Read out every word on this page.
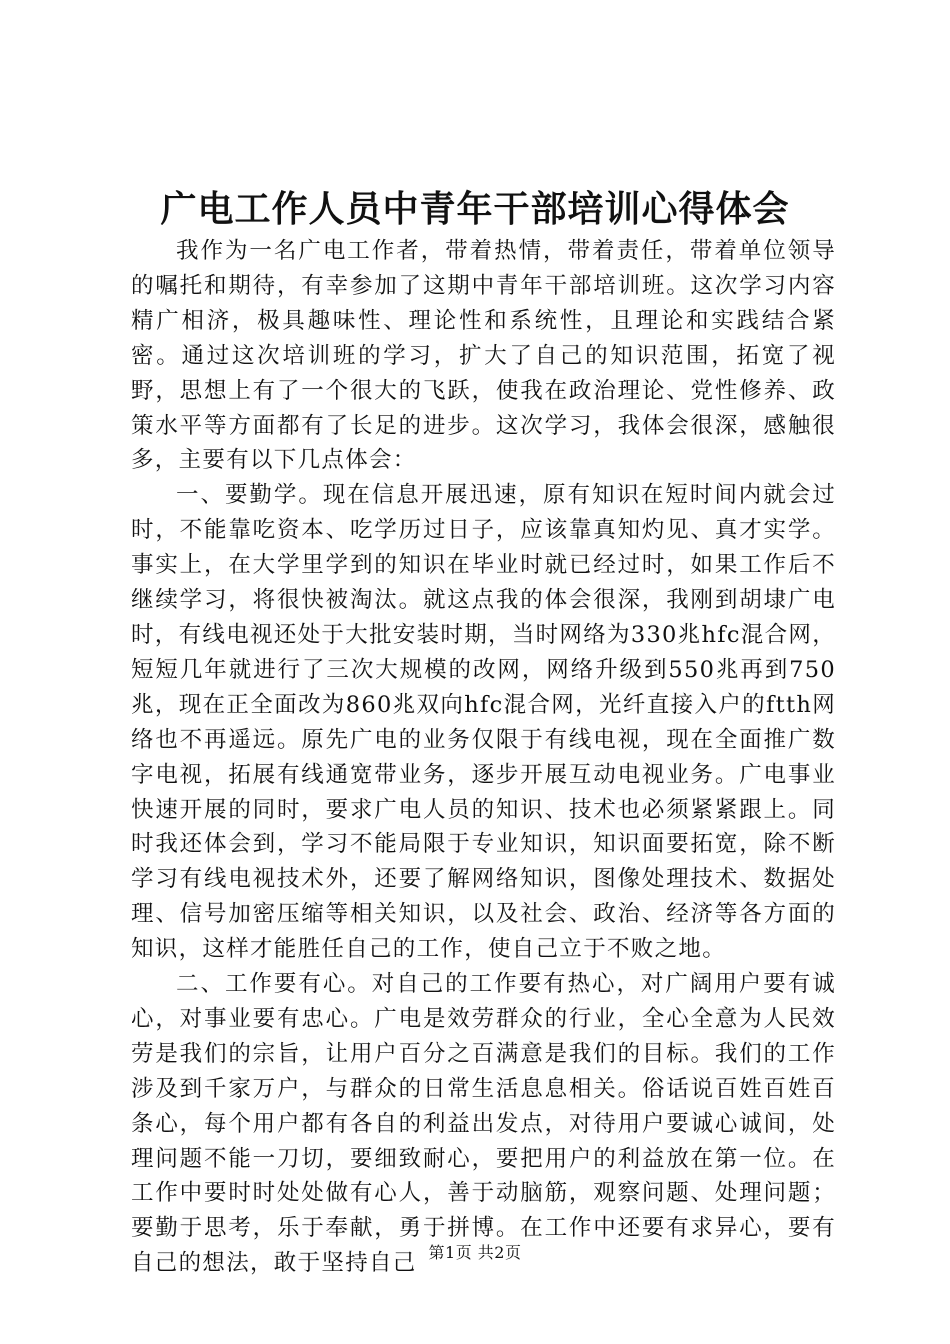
广电工作人员中青年干部培训心得体会

我作为一名广电工作者，带着热情，带着责任，带着单位领导的嘱托和期待，有幸参加了这期中青年干部培训班。这次学习内容精广相济，极具趣味性、理论性和系统性，且理论和实践结合紧密。通过这次培训班的学习，扩大了自己的知识范围，拓宽了视野，思想上有了一个很大的飞跃，使我在政治理论、党性修养、政策水平等方面都有了长足的进步。这次学习，我体会很深，感触很多，主要有以下几点体会：

一、要勤学。现在信息开展迅速，原有知识在短时间内就会过时，不能靠吃资本、吃学历过日子，应该靠真知灼见、真才实学。事实上，在大学里学到的知识在毕业时就已经过时，如果工作后不继续学习，将很快被淘汰。就这点我的体会很深，我刚到胡埭广电时，有线电视还处于大批安装时期，当时网络为330兆hfc混合网，短短几年就进行了三次大规模的改网，网络升级到550兆再到750兆，现在正全面改为860兆双向hfc混合网，光纤直接入户的ftth网络也不再遥远。原先广电的业务仅限于有线电视，现在全面推广数字电视，拓展有线通宽带业务，逐步开展互动电视业务。广电事业快速开展的同时，要求广电人员的知识、技术也必须紧紧跟上。同时我还体会到，学习不能局限于专业知识，知识面要拓宽，除不断学习有线电视技术外，还要了解网络知识，图像处理技术、数据处理、信号加密压缩等相关知识，以及社会、政治、经济等各方面的知识，这样才能胜任自己的工作，使自己立于不败之地。

二、工作要有心。对自己的工作要有热心，对广阔用户要有诚心，对事业要有忠心。广电是效劳群众的行业，全心全意为人民效劳是我们的宗旨，让用户百分之百满意是我们的目标。我们的工作涉及到千家万户，与群众的日常生活息息相关。俗话说百姓百姓百条心，每个用户都有各自的利益出发点，对待用户要诚心诚间，处理问题不能一刀切，要细致耐心，要把用户的利益放在第一位。在工作中要时时处处做有心人，善于动脑筋，观察问题、处理问题；要勤于思考，乐于奉献，勇于拼博。在工作中还要有求异心，要有自己的想法，敢于坚持自己 第1页 共2页
